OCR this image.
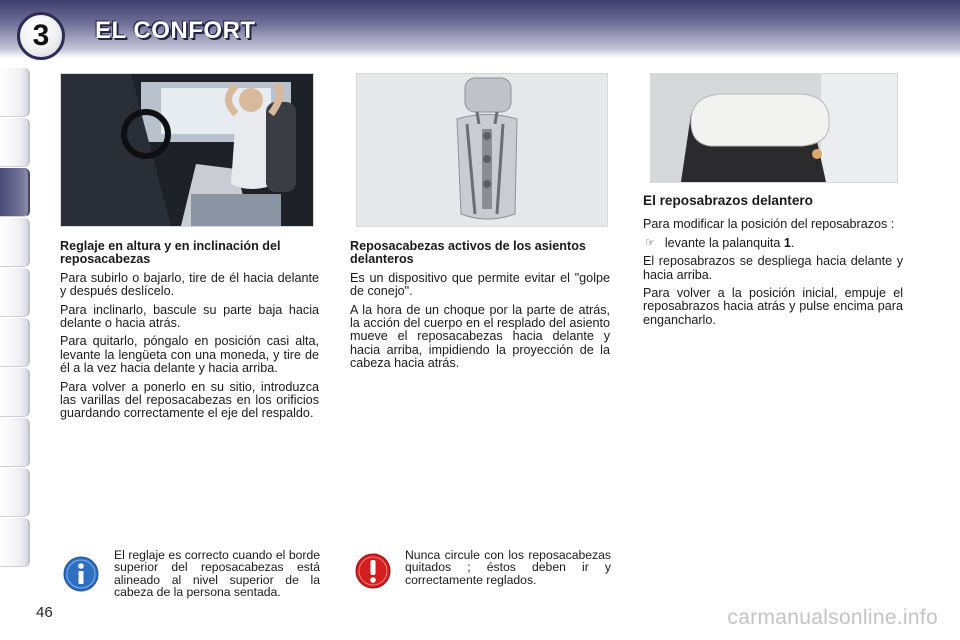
3 EL CONFORT
1
Reglaje en altura y en inclinación del reposacabezas

Para subirlo o bajarlo, tire de él hacia delante y después deslícelo.

Para inclinarlo, bascule su parte baja hacia delante o hacia atrás.

Para quitarlo, póngalo en posición casi alta, levante la lengüeta con una moneda, y tire de él a la vez hacia delante y hacia arriba.

Para volver a ponerlo en su sitio, introduzca las varillas del reposacabezas en los orificios guardando correctamente el eje del respaldo.

Reposacabezas activos de los asientos delanteros

Es un dispositivo que permite evitar el "golpe de conejo".

A la hora de un choque por la parte de atrás, la acción del cuerpo en el resplado del asiento mueve el reposacabezas hacia delante y hacia arriba, impidiendo la proyección de la cabeza hacia atrás.

El reposabrazos delantero

Para modificar la posición del reposabrazos :

☞ levante la palanquita 1.

El reposabrazos se despliega hacia delante y hacia arriba.

Para volver a la posición inicial, empuje el reposabrazos hacia atrás y pulse encima para engancharlo.

El reglaje es correcto cuando el borde superior del reposacabezas está alineado al nivel superior de la cabeza de la persona sentada.

Nunca circule con los reposacabezas quitados ; éstos deben ir y correctamente reglados.

46	carmanualsonline.info
